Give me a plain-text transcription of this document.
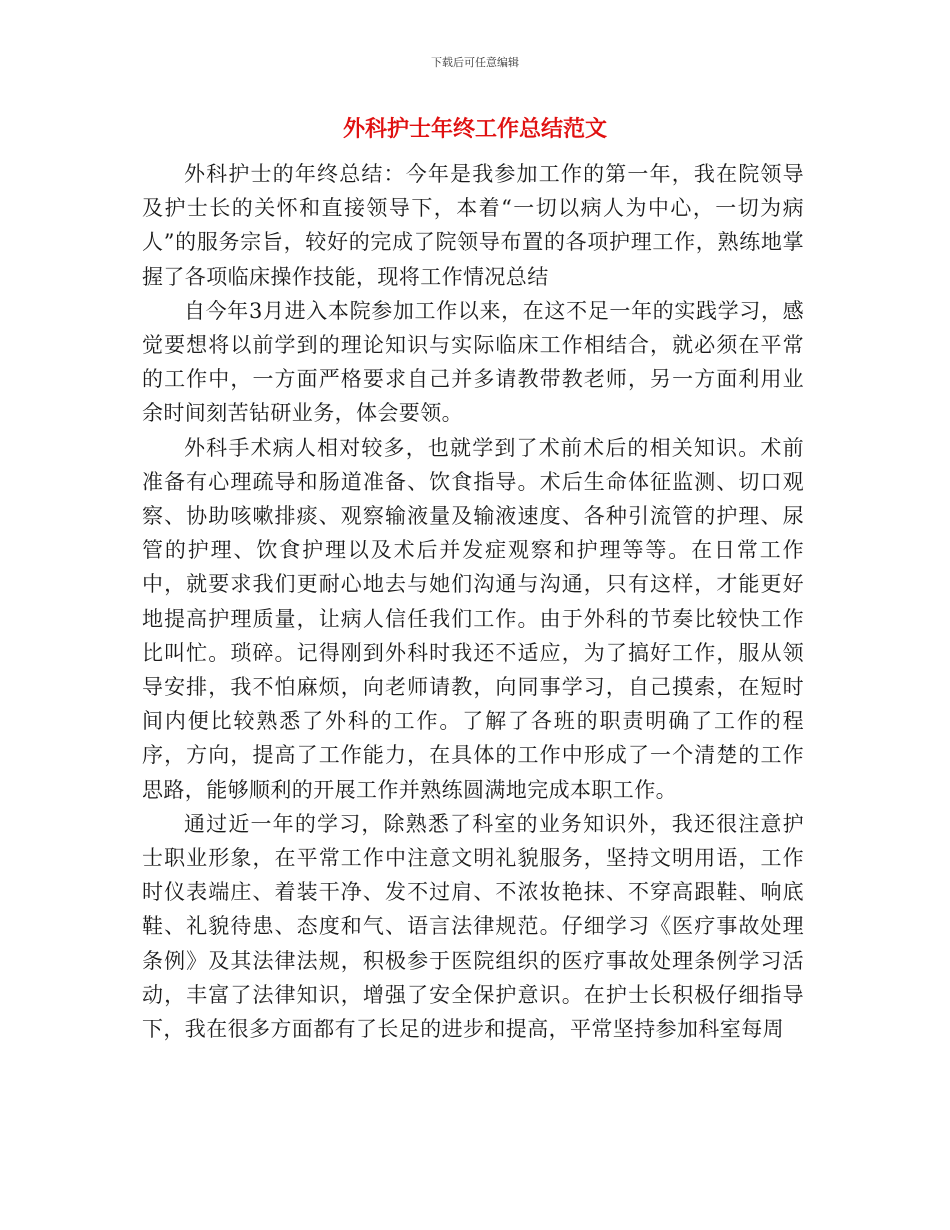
下载后可任意编辑
外科护士年终工作总结范文

外科护士的年终总结：今年是我参加工作的第一年，我在院领导及护士长的关怀和直接领导下，本着“一切以病人为中心，一切为病人”的服务宗旨，较好的完成了院领导布置的各项护理工作，熟练地掌握了各项临床操作技能，现将工作情况总结

自今年3月进入本院参加工作以来，在这不足一年的实践学习，感觉要想将以前学到的理论知识与实际临床工作相结合，就必须在平常的工作中，一方面严格要求自己并多请教带教老师，另一方面利用业余时间刻苦钻研业务，体会要领。

外科手术病人相对较多，也就学到了术前术后的相关知识。术前准备有心理疏导和肠道准备、饮食指导。术后生命体征监测、切口观察、协助咳嗽排痰、观察输液量及输液速度、各种引流管的护理、尿管的护理、饮食护理以及术后并发症观察和护理等等。在日常工作中，就要求我们更耐心地去与她们沟通与沟通，只有这样，才能更好地提高护理质量，让病人信任我们工作。由于外科的节奏比较快工作比叫忙。琐碎。记得刚到外科时我还不适应，为了搞好工作，服从领导安排，我不怕麻烦，向老师请教，向同事学习，自己摸索，在短时间内便比较熟悉了外科的工作。了解了各班的职责明确了工作的程序，方向，提高了工作能力，在具体的工作中形成了一个清楚的工作思路，能够顺利的开展工作并熟练圆满地完成本职工作。

通过近一年的学习，除熟悉了科室的业务知识外，我还很注意护士职业形象，在平常工作中注意文明礼貌服务，坚持文明用语，工作时仪表端庄、着装干净、发不过肩、不浓妆艳抹、不穿高跟鞋、响底鞋、礼貌待患、态度和气、语言法律规范。仔细学习《医疗事故处理条例》及其法律法规，积极参于医院组织的医疗事故处理条例学习活动，丰富了法律知识，增强了安全保护意识。在护士长积极仔细指导下，我在很多方面都有了长足的进步和提高，平常坚持参加科室每周
